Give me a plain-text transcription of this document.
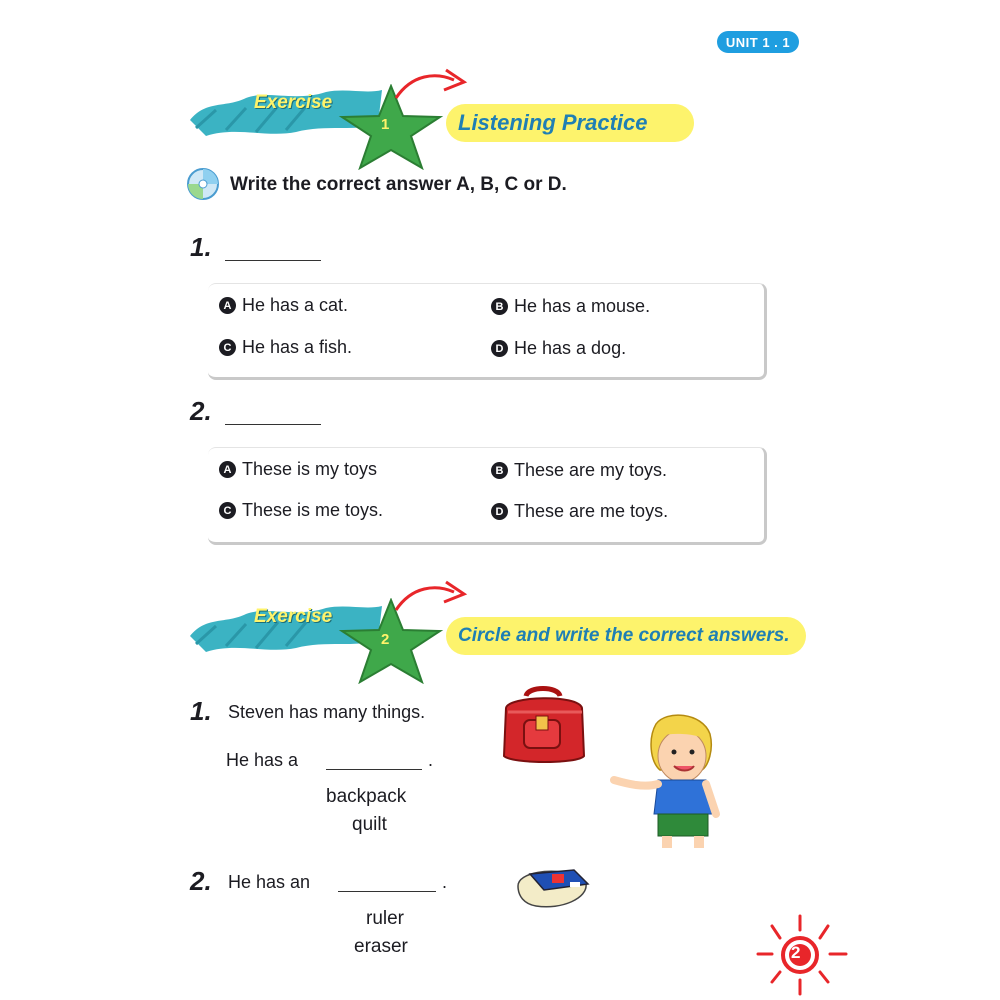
UNIT 1 . 1
Exercise
1	Listening Practice
Write the correct answer A, B, C or D.
1.
A He has a cat.	B He has a mouse.
C He has a fish.	D He has a dog.
2.
A These is my toys	B These are my toys.
C These is me toys.	D These are me toys.
Exercise
2	Circle and write the correct answers.
1. Steven has many things.
He has a	.
backpack
quilt
2. He has an	.
ruler
eraser	2
